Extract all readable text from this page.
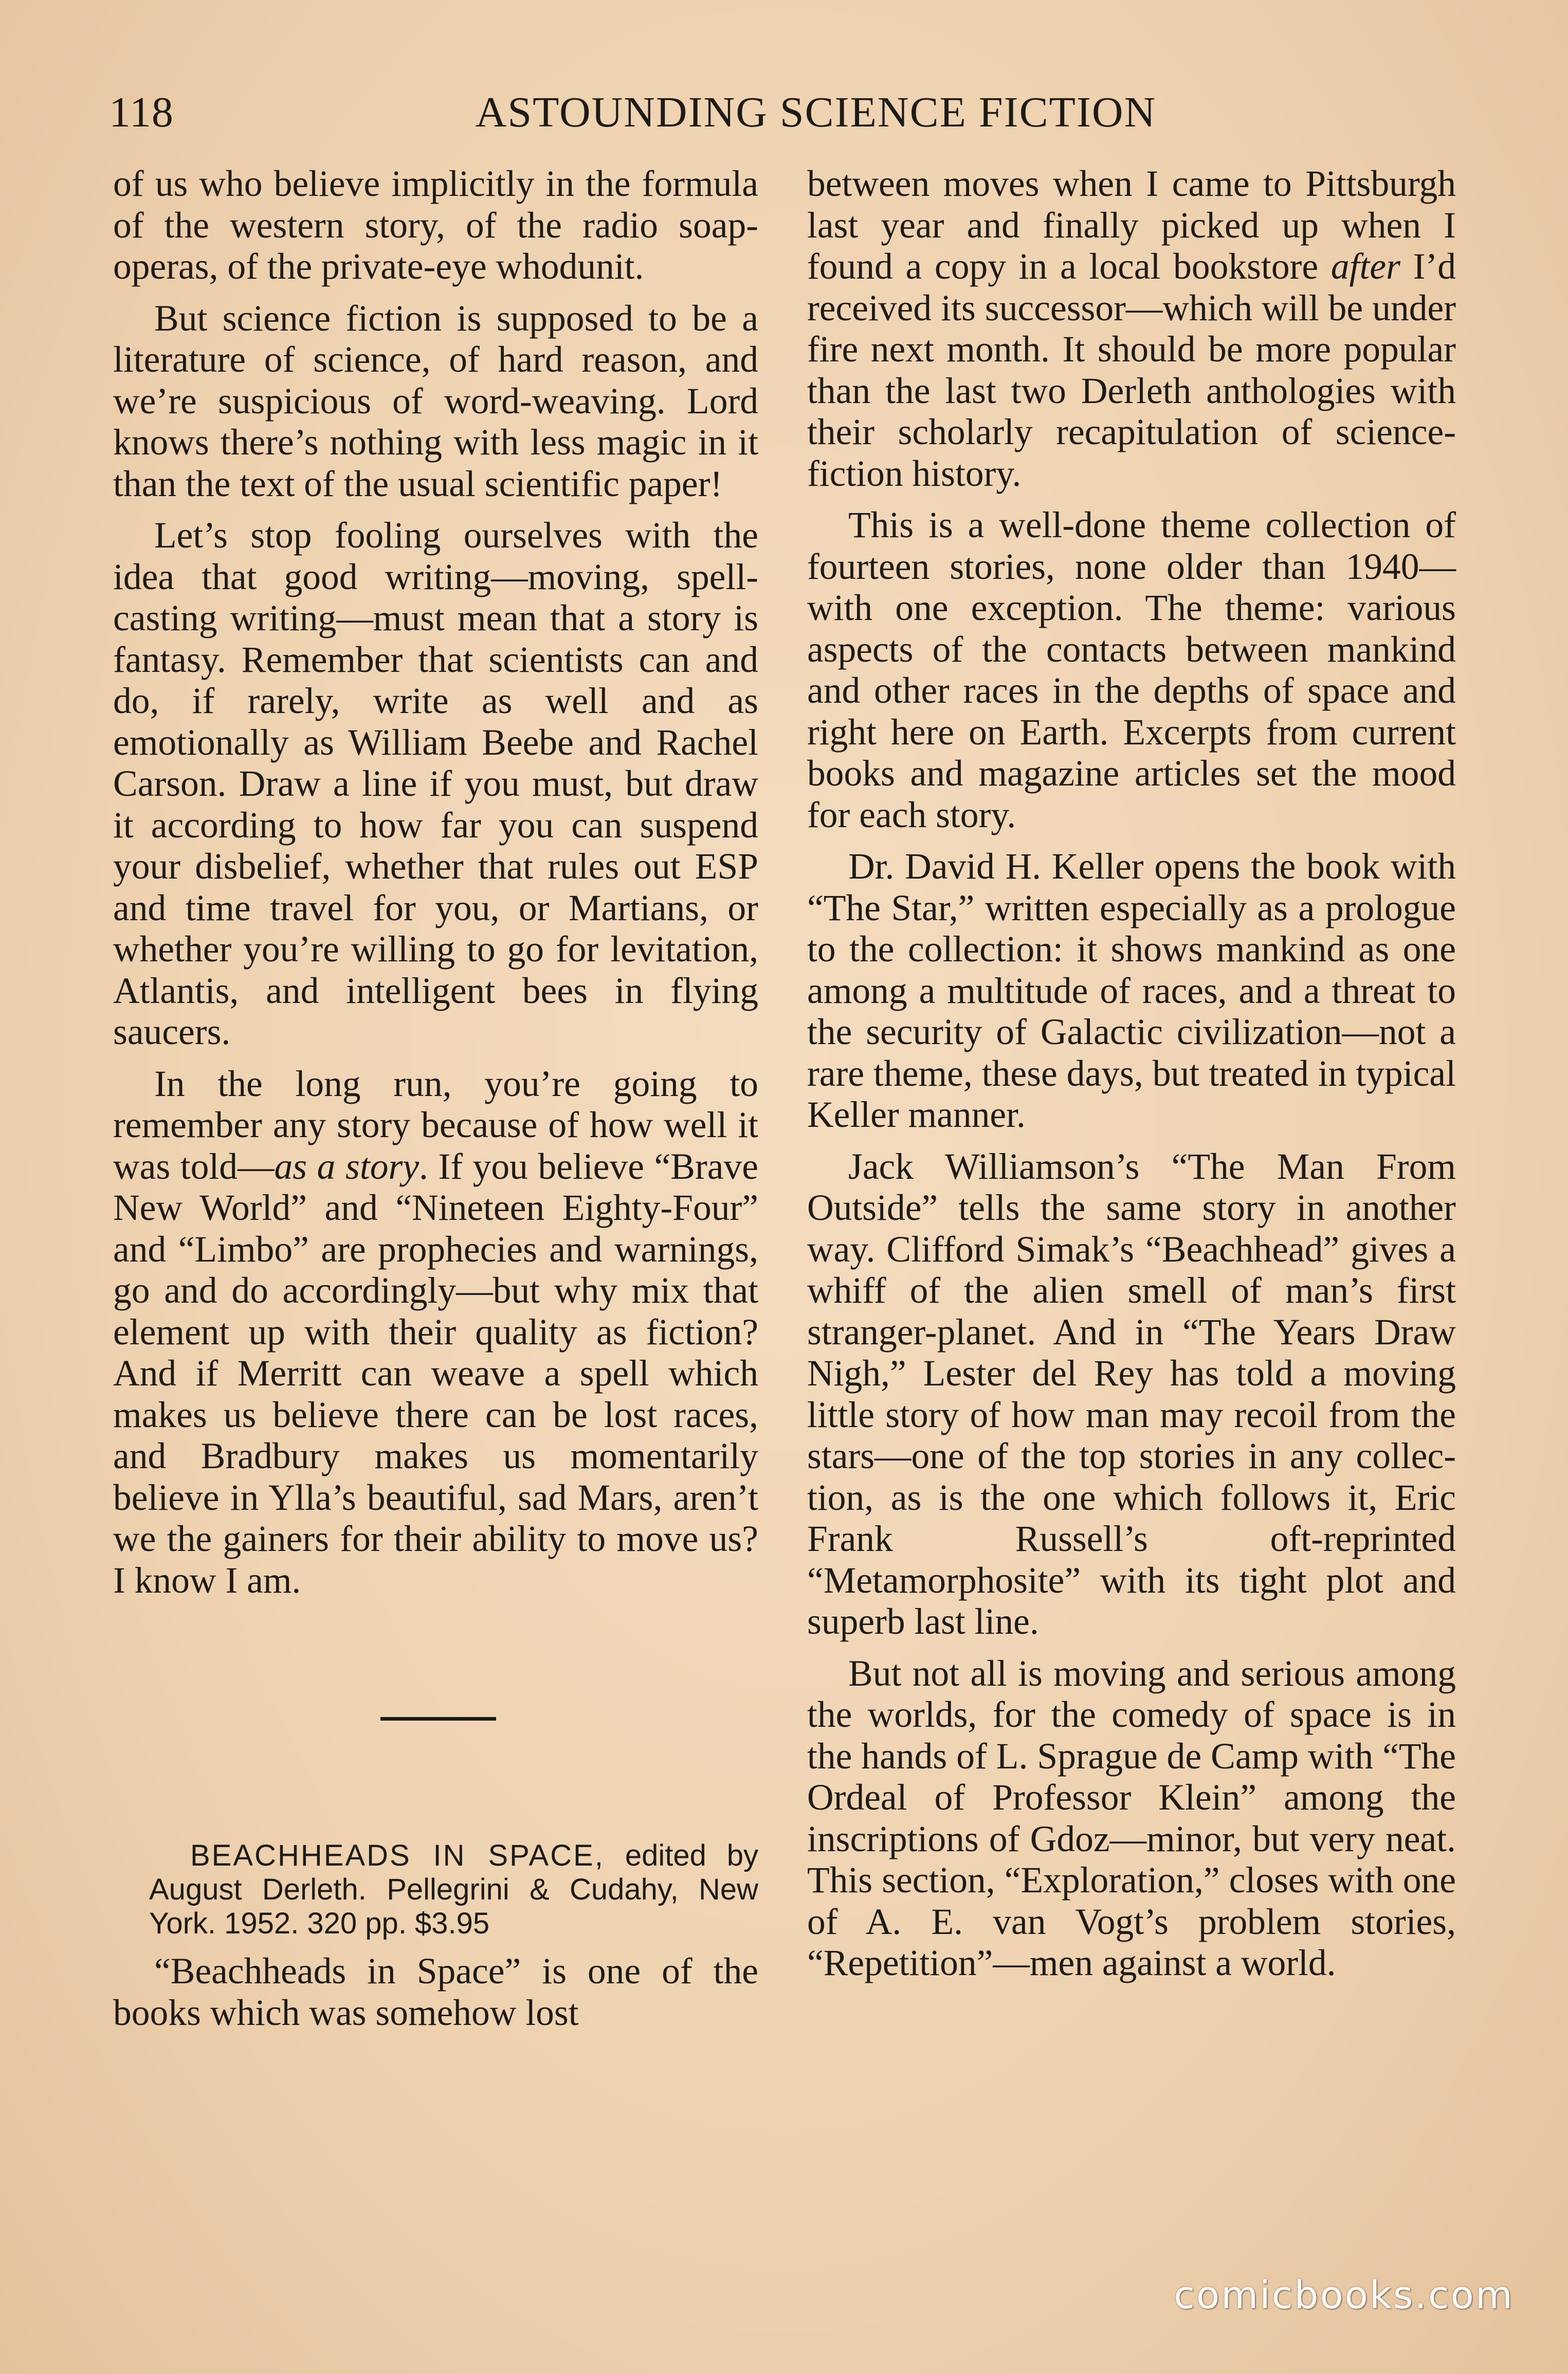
118	ASTOUNDING SCIENCE FICTION

of us who believe implicitly in the formula of the western story, of the radio soap-operas, of the private-eye whodunit.

But science fiction is supposed to be a literature of science, of hard reason, and we’re suspicious of word-weaving. Lord knows there’s nothing with less magic in it than the text of the usual scientific paper!

Let’s stop fooling ourselves with the idea that good writing—moving, spell-casting writing—must mean that a story is fantasy. Remember that scientists can and do, if rarely, write as well and as emotionally as William Beebe and Rachel Carson. Draw a line if you must, but draw it according to how far you can suspend your disbelief, whether that rules out ESP and time travel for you, or Martians, or whether you’re willing to go for levitation, Atlantis, and intelligent bees in flying saucers.

In the long run, you’re going to remember any story because of how well it was told—as a story. If you believe “Brave New World” and “Nineteen Eighty-Four” and “Limbo” are prophecies and warnings, go and do accordingly—but why mix that element up with their quality as fiction? And if Merritt can weave a spell which makes us believe there can be lost races, and Bradbury makes us momentarily believe in Ylla’s beautiful, sad Mars, aren’t we the gainers for their ability to move us? I know I am.

BEACHHEADS IN SPACE, edited by August Derleth. Pellegrini & Cudahy, New York. 1952. 320 pp. $3.95

“Beachheads in Space” is one of the books which was somehow lost

between moves when I came to Pittsburgh last year and finally picked up when I found a copy in a local bookstore after I’d received its successor—which will be under fire next month. It should be more popular than the last two Derleth anthologies with their scholarly recapitulation of science-fiction history.

This is a well-done theme collection of fourteen stories, none older than 1940—with one exception. The theme: various aspects of the contacts between mankind and other races in the depths of space and right here on Earth. Excerpts from current books and magazine articles set the mood for each story.

Dr. David H. Keller opens the book with “The Star,” written especially as a prologue to the collection: it shows mankind as one among a multitude of races, and a threat to the security of Galactic civilization—not a rare theme, these days, but treated in typical Keller manner.

Jack Williamson’s “The Man From Outside” tells the same story in another way. Clifford Simak’s “Beachhead” gives a whiff of the alien smell of man’s first stranger-planet. And in “The Years Draw Nigh,” Lester del Rey has told a moving little story of how man may recoil from the stars—one of the top stories in any collection, as is the one which follows it, Eric Frank Russell’s oft-reprinted “Metamorphosite” with its tight plot and superb last line.

But not all is moving and serious among the worlds, for the comedy of space is in the hands of L. Sprague de Camp with “The Ordeal of Professor Klein” among the inscriptions of Gdoz—minor, but very neat. This section, “Exploration,” closes with one of A. E. van Vogt’s problem stories, “Repetition”—men against a world.

comicbooks.com
